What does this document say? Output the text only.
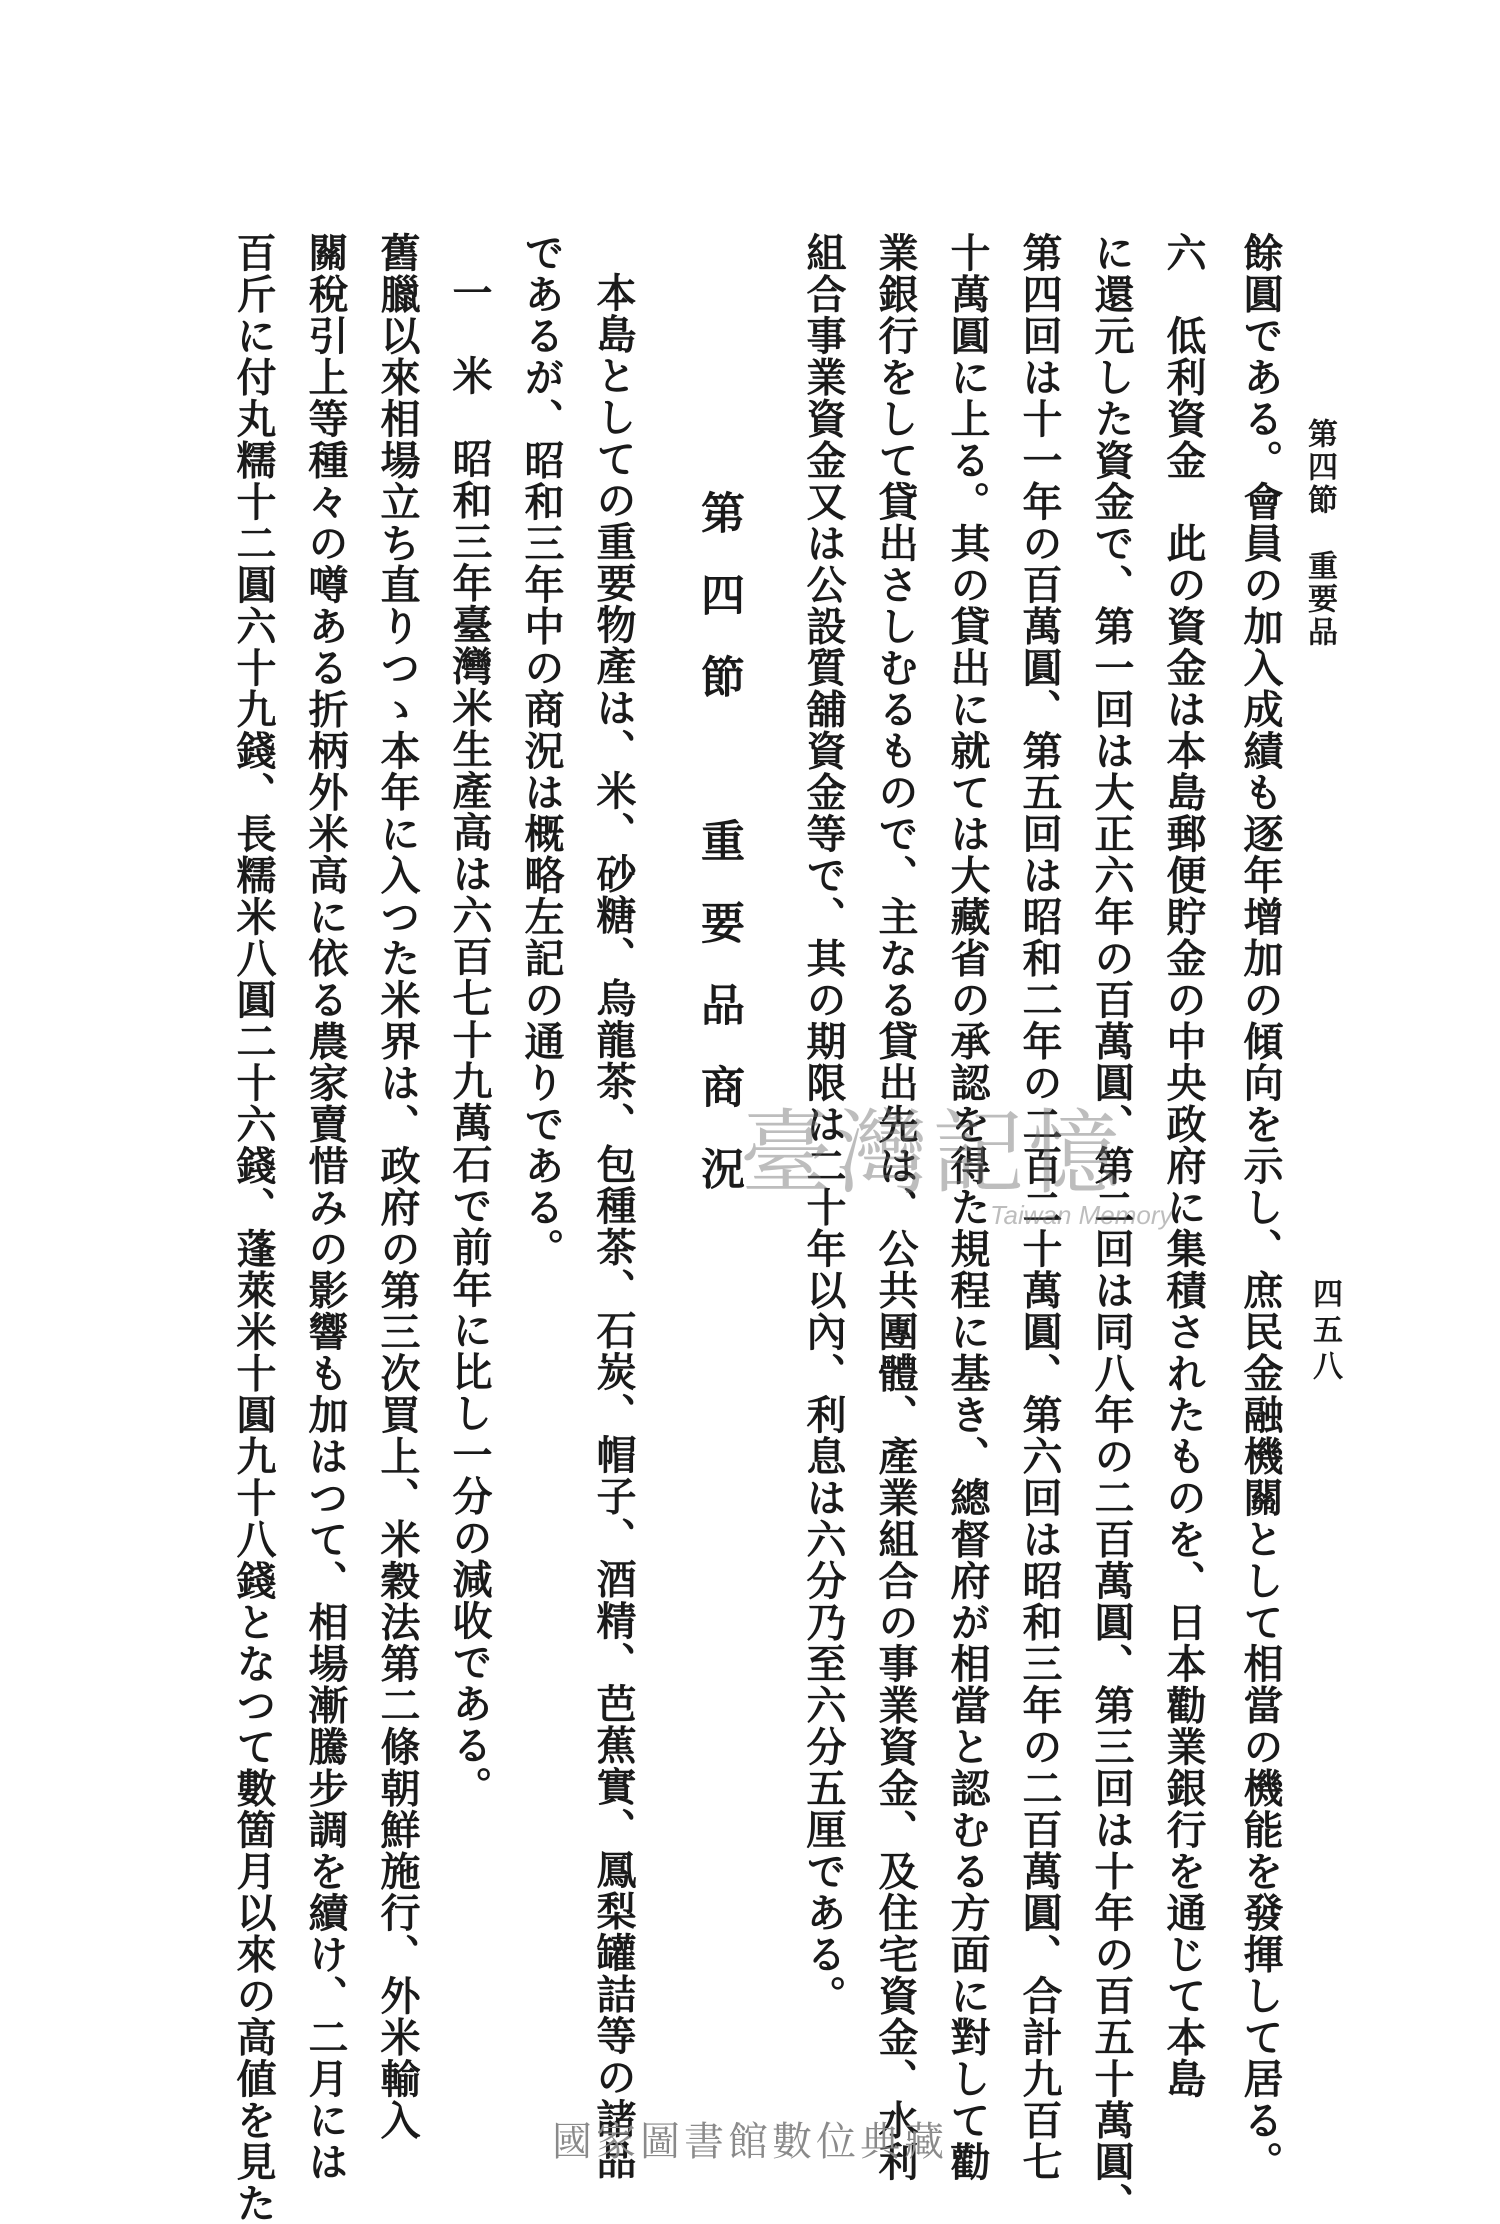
第四節　重要品
四五八
餘圓である。會員の加入成績も逐年增加の傾向を示し、庶民金融機關として相當の機能を發揮して居る。
六　低利資金　此の資金は本島郵便貯金の中央政府に集積されたものを、日本勸業銀行を通じて本島
に還元した資金で、第一回は大正六年の百萬圓、第二回は同八年の二百萬圓、第三回は十年の百五十萬圓、
第四回は十一年の百萬圓、第五回は昭和二年の二百二十萬圓、第六回は昭和三年の二百萬圓、合計九百七
十萬圓に上る。其の貸出に就ては大藏省の承認を得た規程に基き、總督府が相當と認むる方面に對して勸
業銀行をして貸出さしむるもので、主なる貸出先は、公共團體、產業組合の事業資金、及住宅資金、水利
組合事業資金又は公設質舖資金等で、其の期限は二十年以內、利息は六分乃至六分五厘である。
第四節　重要品商況
本島としての重要物產は、米、砂糖、烏龍茶、包種茶、石炭、帽子、酒精、芭蕉實、鳳梨罐詰等の諸品
であるが、昭和三年中の商況は概略左記の通りである。
一　米　昭和三年臺灣米生產高は六百七十九萬石で前年に比し一分の減收である。
舊臘以來相場立ち直りつゝ本年に入つた米界は、政府の第三次買上、米穀法第二條朝鮮施行、外米輸入
關稅引上等種々の噂ある折柄外米高に依る農家賣惜みの影響も加はつて、相場漸騰步調を續け、二月には
百斤に付丸糯十二圓六十九錢、長糯米八圓二十六錢、蓬萊米十圓九十八錢となつて數箇月以來の高値を見た	臺灣記憶
Taiwan Memory
國家圖書館數位典藏
